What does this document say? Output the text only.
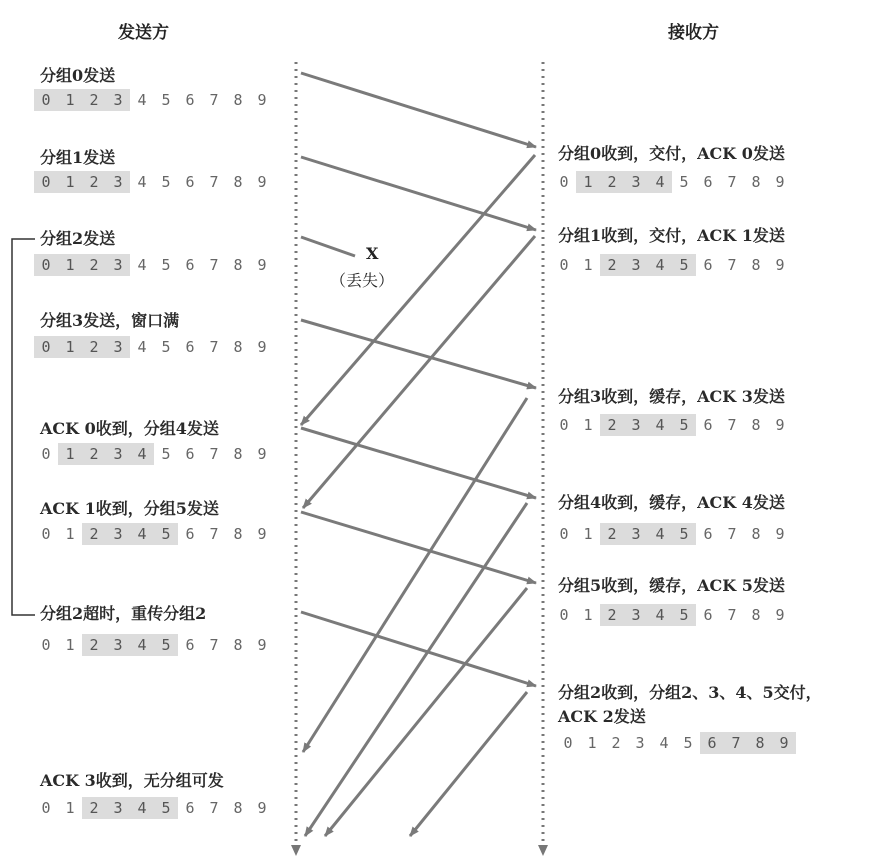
发送方	接收方
X
（丢失）
分组0发送
0 1 2 3 4 5 6 7 8 9
分组1发送
0 1 2 3 4 5 6 7 8 9
分组2发送
0 1 2 3 4 5 6 7 8 9
分组3发送，窗口满
0 1 2 3 4 5 6 7 8 9
ACK 0收到，分组4发送
0 1 2 3 4 5 6 7 8 9
ACK 1收到，分组5发送
0 1 2 3 4 5 6 7 8 9
分组2超时，重传分组2
0 1 2 3 4 5 6 7 8 9
ACK 3收到，无分组可发
0 1 2 3 4 5 6 7 8 9
分组0收到，交付，ACK 0发送
0 1 2 3 4 5 6 7 8 9
分组1收到，交付，ACK 1发送
0 1 2 3 4 5 6 7 8 9
分组3收到，缓存，ACK 3发送
0 1 2 3 4 5 6 7 8 9
分组4收到，缓存，ACK 4发送
0 1 2 3 4 5 6 7 8 9
分组5收到，缓存，ACK 5发送
0 1 2 3 4 5 6 7 8 9
分组2收到，分组2、3、4、5交付，
ACK 2发送
0 1 2 3 4 5 6 7 8 9
